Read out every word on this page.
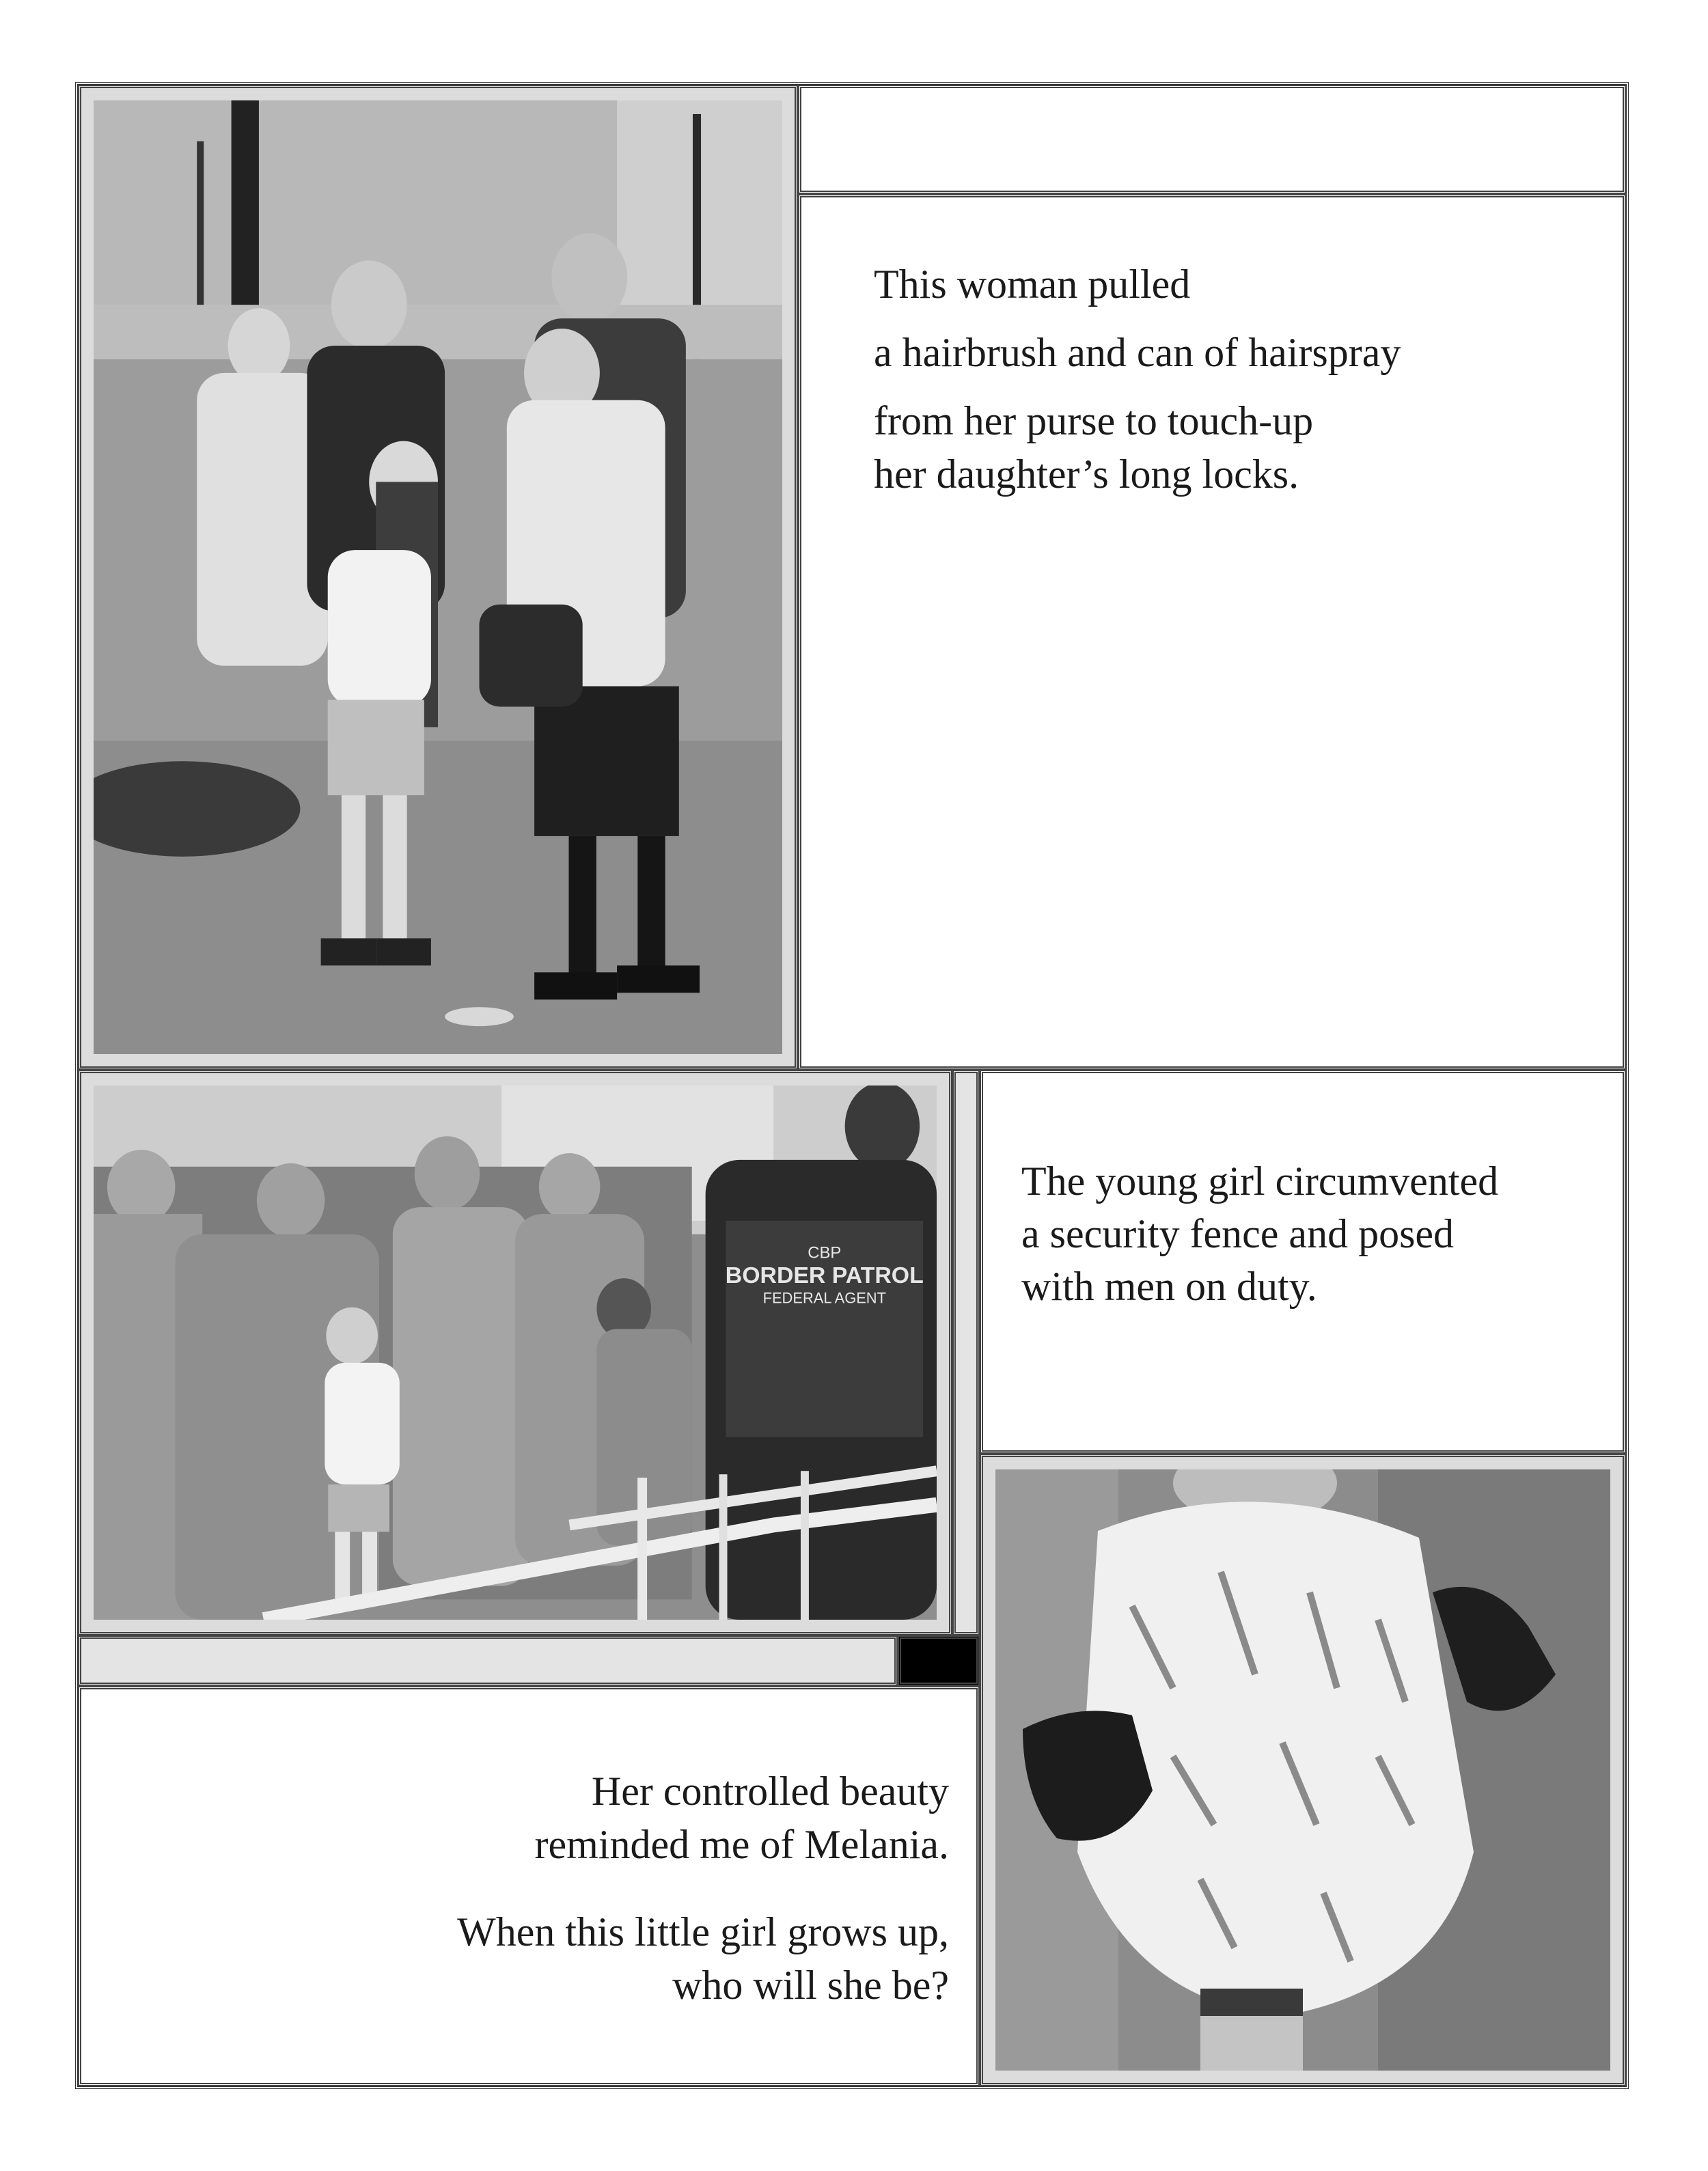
This woman pulled
a hairbrush and can of hairspray
from her purse to touch-up
her daughter’s long locks.
CBP
BORDER PATROL
FEDERAL AGENT
The young girl circumvented
a security fence and posed
with men on duty.
Her controlled beauty
reminded me of Melania.
When this little girl grows up,
who will she be?
